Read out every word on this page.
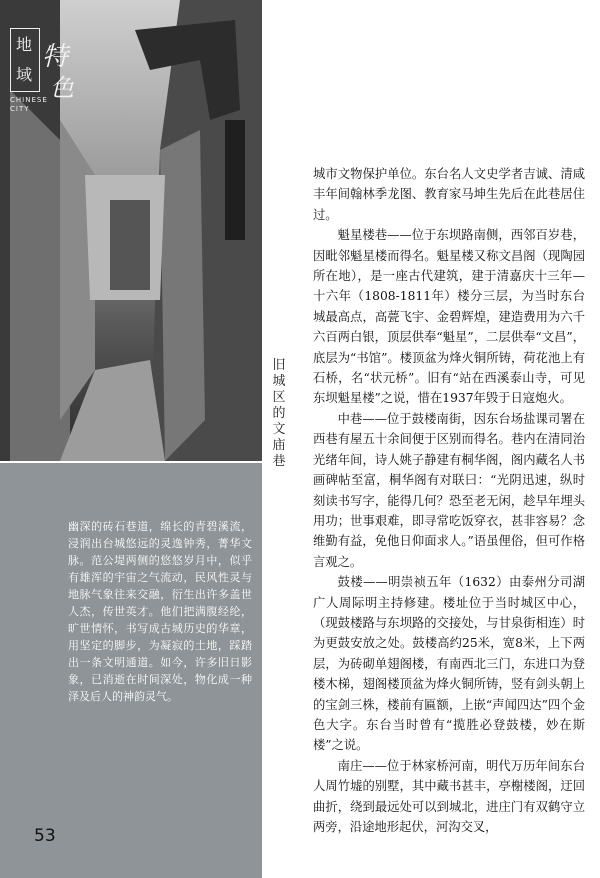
地
域
特
色
CHINESE
CITY
旧
城
区
的
文
庙
巷
幽深的砖石巷道，绵长的青碧溪流，浸润出台城悠远的灵逸钟秀，菁华文脉。范公堤两侧的悠悠岁月中，似乎有雄浑的宇宙之气流动，民风性灵与地脉气象往来交融，衍生出许多盖世人杰，传世英才。他们把满腹经纶，旷世情怀，书写成古城历史的华章，用坚定的脚步，为凝寂的土地，踩踏出一条文明通道。如今，许多旧日影象，已消逝在时间深处，物化成一种泽及后人的神韵灵气。
53

城市文物保护单位。东台名人文史学者吉诚、清咸丰年间翰林季龙图、教育家马坤生先后在此巷居住过。

魁星楼巷——位于东坝路南侧，西邻百岁巷，因毗邻魁星楼而得名。魁星楼又称文昌阁（现陶园所在地），是一座古代建筑，建于清嘉庆十三年—十六年（1808-1811年）楼分三层，为当时东台城最高点，高甍飞宇、金碧辉煌，建造费用为六千六百两白银，顶层供奉“魁星”，二层供奉“文昌”，底层为“书馆”。楼顶盆为烽火铜所铸，荷花池上有石桥，名“状元桥”。旧有“站在西溪泰山寺，可见东坝魁星楼”之说，惜在1937年毁于日寇炮火。

中巷——位于鼓楼南街，因东台场盐课司署在西巷有屋五十余间便于区别而得名。巷内在清同治光绪年间，诗人姚子静建有桐华阁，阁内藏名人书画碑帖至富，桐华阁有对联曰：“光阴迅速，纵时刻读书写字，能得几何？恐至老无闲，趁早年埋头用功；世事艰难，即寻常吃饭穿衣，甚非容易？念维勤有益，免他日仰面求人。”语虽俚俗，但可作格言观之。

鼓楼——明崇祯五年（1632）由泰州分司湖广人周际明主持修建。楼址位于当时城区中心，（现鼓楼路与东坝路的交接处，与甘泉街相连）时为更鼓安放之处。鼓楼高约25米，宽8米，上下两层，为砖砌单翅阁楼，有南西北三门，东进口为登楼木梯，翅阁楼顶盆为烽火铜所铸，竖有剑头朝上的宝剑三株，楼前有匾额，上嵌“声闻四达”四个金色大字。东台当时曾有“揽胜必登鼓楼，妙在斯楼”之说。

南庄——位于林家桥河南，明代万历年间东台人周竹墟的别墅，其中藏书甚丰，亭榭楼阁，迂回曲折，绕到最远处可以到城北，进庄门有双鹤守立两旁，沿途地形起伏，河沟交叉，
